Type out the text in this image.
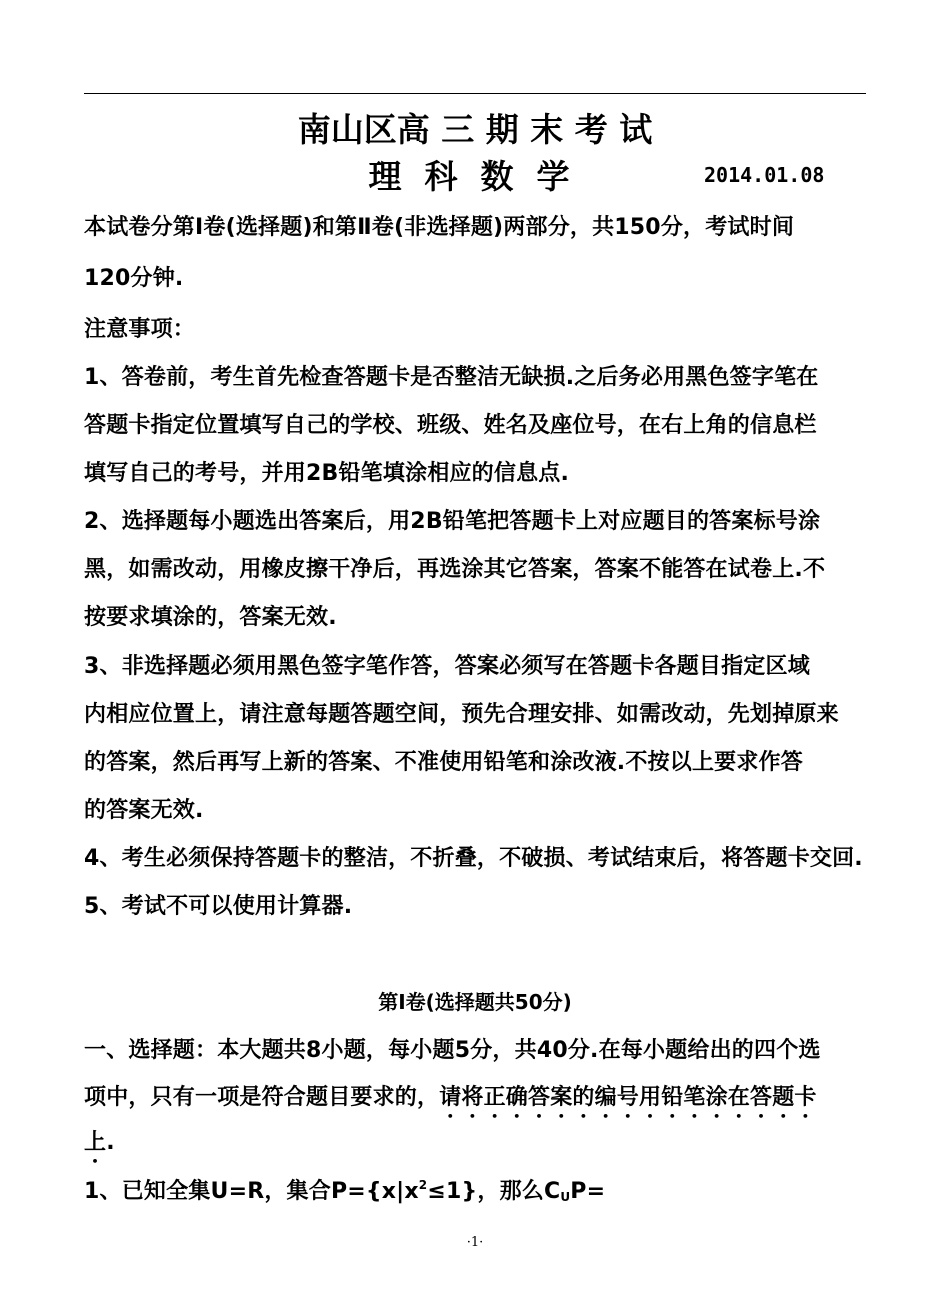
南山区高 三 期 末 考 试
理  科  数  学	2014.01.08
本试卷分第Ⅰ卷(选择题)和第Ⅱ卷(非选择题)两部分，共150分，考试时间
120分钟.
注意事项：
1、答卷前，考生首先检查答题卡是否整洁无缺损.之后务必用黑色签字笔在
答题卡指定位置填写自己的学校、班级、姓名及座位号，在右上角的信息栏
填写自己的考号，并用2B铅笔填涂相应的信息点.
2、选择题每小题选出答案后，用2B铅笔把答题卡上对应题目的答案标号涂
黑，如需改动，用橡皮擦干净后，再选涂其它答案，答案不能答在试卷上.不
按要求填涂的，答案无效.
3、非选择题必须用黑色签字笔作答，答案必须写在答题卡各题目指定区域
内相应位置上，请注意每题答题空间，预先合理安排、如需改动，先划掉原来
的答案，然后再写上新的答案、不准使用铅笔和涂改液.不按以上要求作答
的答案无效.
4、考生必须保持答题卡的整洁，不折叠，不破损、考试结束后，将答题卡交回.
5、考试不可以使用计算器.
第Ⅰ卷(选择题共50分)
一、选择题：本大题共8小题，每小题5分，共40分.在每小题给出的四个选
项中，只有一项是符合题目要求的，请将正确答案的编号用铅笔涂在答题卡
上.
1、已知全集U=R，集合$P=\{x|x^2\le 1\}$，那么$C_UP=$
·1·
